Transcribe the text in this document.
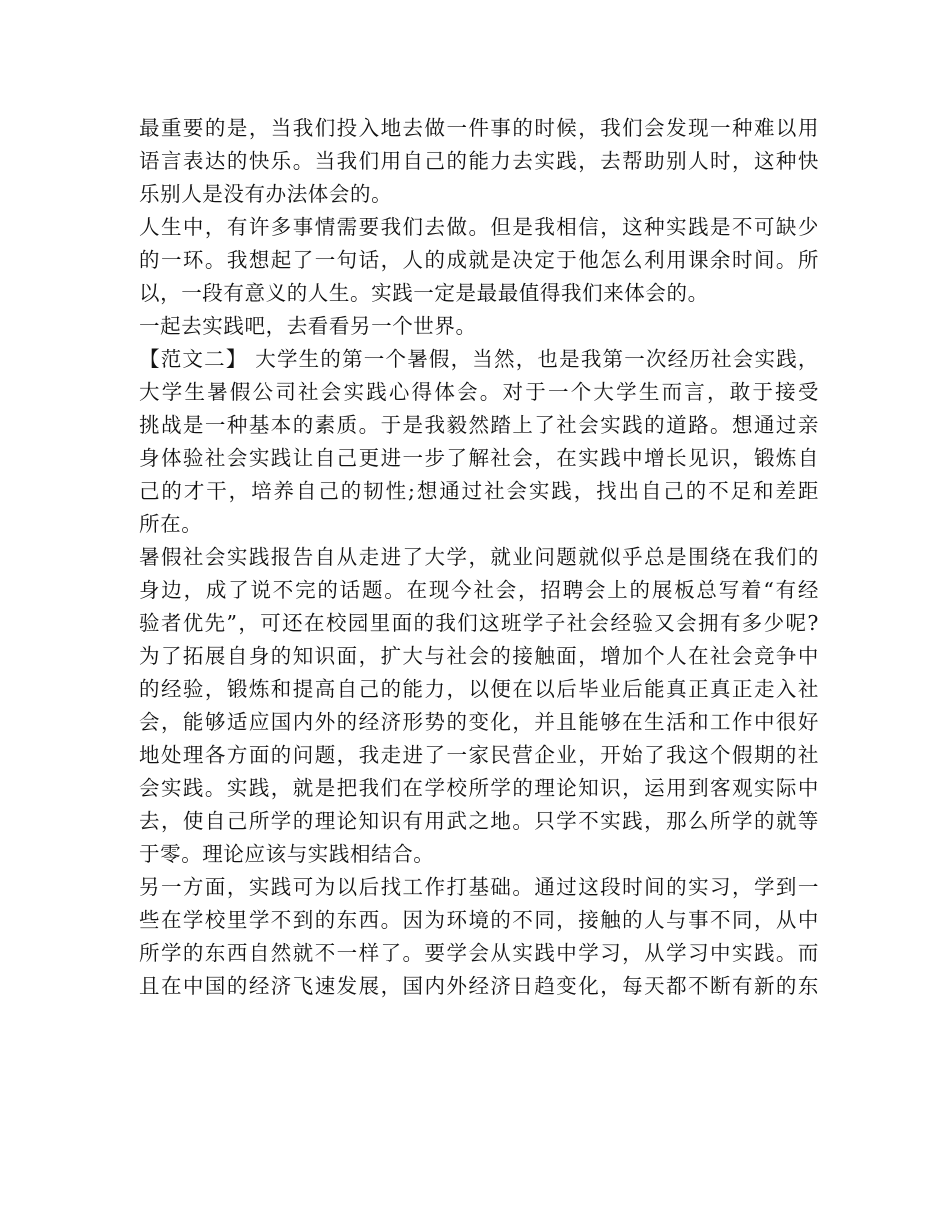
最重要的是，当我们投入地去做一件事的时候，我们会发现一种难以用
语言表达的快乐。当我们用自己的能力去实践，去帮助别人时，这种快
乐别人是没有办法体会的。
人生中，有许多事情需要我们去做。但是我相信，这种实践是不可缺少
的一环。我想起了一句话，人的成就是决定于他怎么利用课余时间。所
以，一段有意义的人生。实践一定是最最值得我们来体会的。
一起去实践吧，去看看另一个世界。
【范文二】 大学生的第一个暑假，当然，也是我第一次经历社会实践，
大学生暑假公司社会实践心得体会。对于一个大学生而言，敢于接受
挑战是一种基本的素质。于是我毅然踏上了社会实践的道路。想通过亲
身体验社会实践让自己更进一步了解社会，在实践中增长见识，锻炼自
己的才干，培养自己的韧性;想通过社会实践，找出自己的不足和差距
所在。
暑假社会实践报告自从走进了大学，就业问题就似乎总是围绕在我们的
身边，成了说不完的话题。在现今社会，招聘会上的展板总写着“有经
验者优先”，可还在校园里面的我们这班学子社会经验又会拥有多少呢?
为了拓展自身的知识面，扩大与社会的接触面，增加个人在社会竞争中
的经验，锻炼和提高自己的能力，以便在以后毕业后能真正真正走入社
会，能够适应国内外的经济形势的变化，并且能够在生活和工作中很好
地处理各方面的问题，我走进了一家民营企业，开始了我这个假期的社
会实践。实践，就是把我们在学校所学的理论知识，运用到客观实际中
去，使自己所学的理论知识有用武之地。只学不实践，那么所学的就等
于零。理论应该与实践相结合。
另一方面，实践可为以后找工作打基础。通过这段时间的实习，学到一
些在学校里学不到的东西。因为环境的不同，接触的人与事不同，从中
所学的东西自然就不一样了。要学会从实践中学习，从学习中实践。而
且在中国的经济飞速发展，国内外经济日趋变化，每天都不断有新的东
